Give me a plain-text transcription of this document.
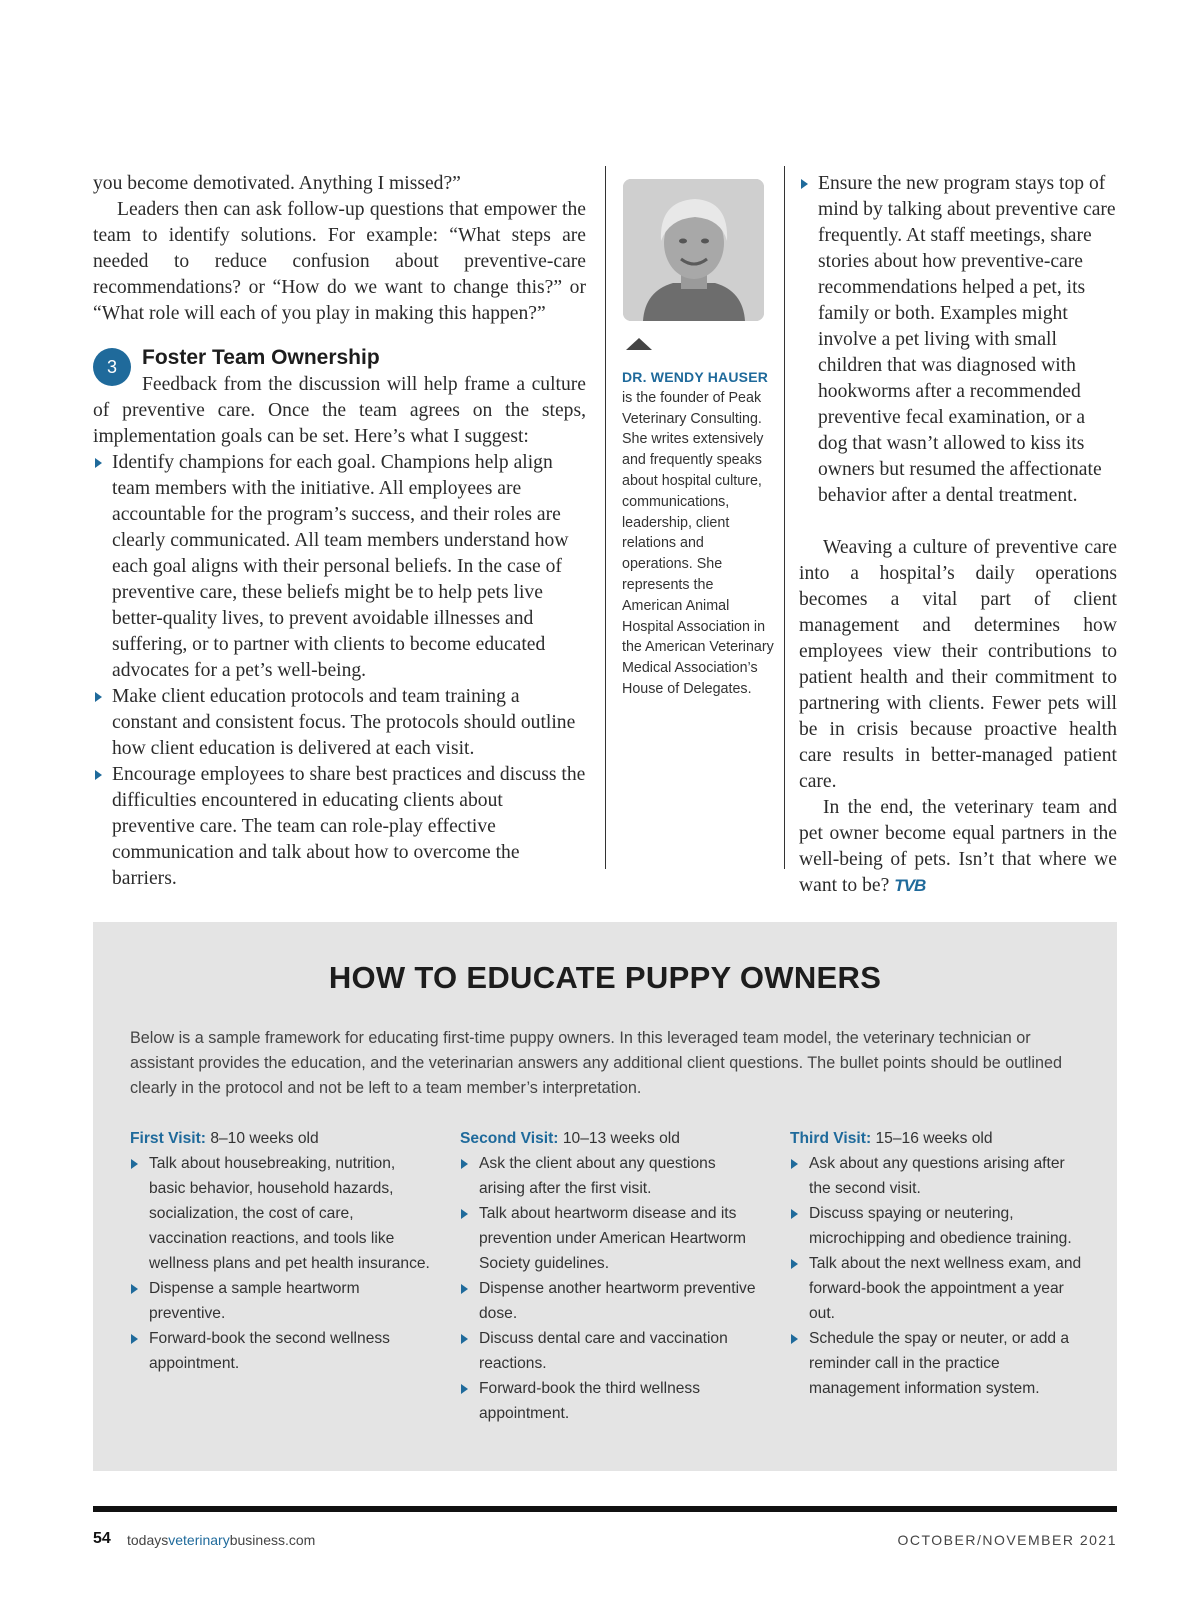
you become demotivated. Anything I missed?”

Leaders then can ask follow-up questions that empower the team to identify solutions. For example: “What steps are needed to reduce confusion about preventive-care recommendations? or “How do we want to change this?” or “What role will each of you play in making this happen?”

3	Foster Team Ownership

Feedback from the discussion will help frame a culture of preventive care. Once the team agrees on the steps, implementation goals can be set. Here’s what I suggest:

Identify champions for each goal. Champions help align team members with the initiative. All employees are accountable for the program’s success, and their roles are clearly communicated. All team members understand how each goal aligns with their personal beliefs. In the case of preventive care, these beliefs might be to help pets live better-quality lives, to prevent avoidable illnesses and suffering, or to partner with clients to become educated advocates for a pet’s well-being.
Make client education protocols and team training a constant and consistent focus. The protocols should outline how client education is delivered at each visit.
Encourage employees to share best practices and discuss the difficulties encountered in educating clients about preventive care. The team can role-play effective communication and talk about how to overcome the barriers.
DR. WENDY HAUSER
is the founder of Peak Veterinary Consulting. She writes extensively and frequently speaks about hospital culture, communications, leadership, client relations and operations. She represents the American Animal Hospital Association in the American Veterinary Medical Association’s House of Delegates.
Ensure the new program stays top of mind by talking about preventive care frequently. At staff meetings, share stories about how preventive-care recommendations helped a pet, its family or both. Examples might involve a pet living with small children that was diagnosed with hookworms after a recommended preventive fecal examination, or a dog that wasn’t allowed to kiss its owners but resumed the affectionate behavior after a dental treatment.

Weaving a culture of preventive care into a hospital’s daily operations becomes a vital part of client management and determines how employees view their contributions to patient health and their commitment to partnering with clients. Fewer pets will be in crisis because proactive health care results in better-managed patient care.

In the end, the veterinary team and pet owner become equal partners in the well-being of pets. Isn’t that where we want to be? TVB

HOW TO EDUCATE PUPPY OWNERS
Below is a sample framework for educating first-time puppy owners. In this leveraged team model, the veterinary technician or assistant provides the education, and the veterinarian answers any additional client questions. The bullet points should be outlined clearly in the protocol and not be left to a team member’s interpretation.
First Visit: 8–10 weeks old
Talk about housebreaking, nutrition, basic behavior, household hazards, socialization, the cost of care, vaccination reactions, and tools like wellness plans and pet health insurance.
Dispense a sample heartworm preventive.
Forward-book the second wellness appointment.
Second Visit: 10–13 weeks old
Ask the client about any questions arising after the first visit.
Talk about heartworm disease and its prevention under American Heartworm Society guidelines.
Dispense another heartworm preventive dose.
Discuss dental care and vaccination reactions.
Forward-book the third wellness appointment.
Third Visit: 15–16 weeks old
Ask about any questions arising after the second visit.
Discuss spaying or neutering, microchipping and obedience training.
Talk about the next wellness exam, and forward-book the appointment a year out.
Schedule the spay or neuter, or add a reminder call in the practice management information system.
54 todaysveterinarybusiness.com	OCTOBER/NOVEMBER 2021
